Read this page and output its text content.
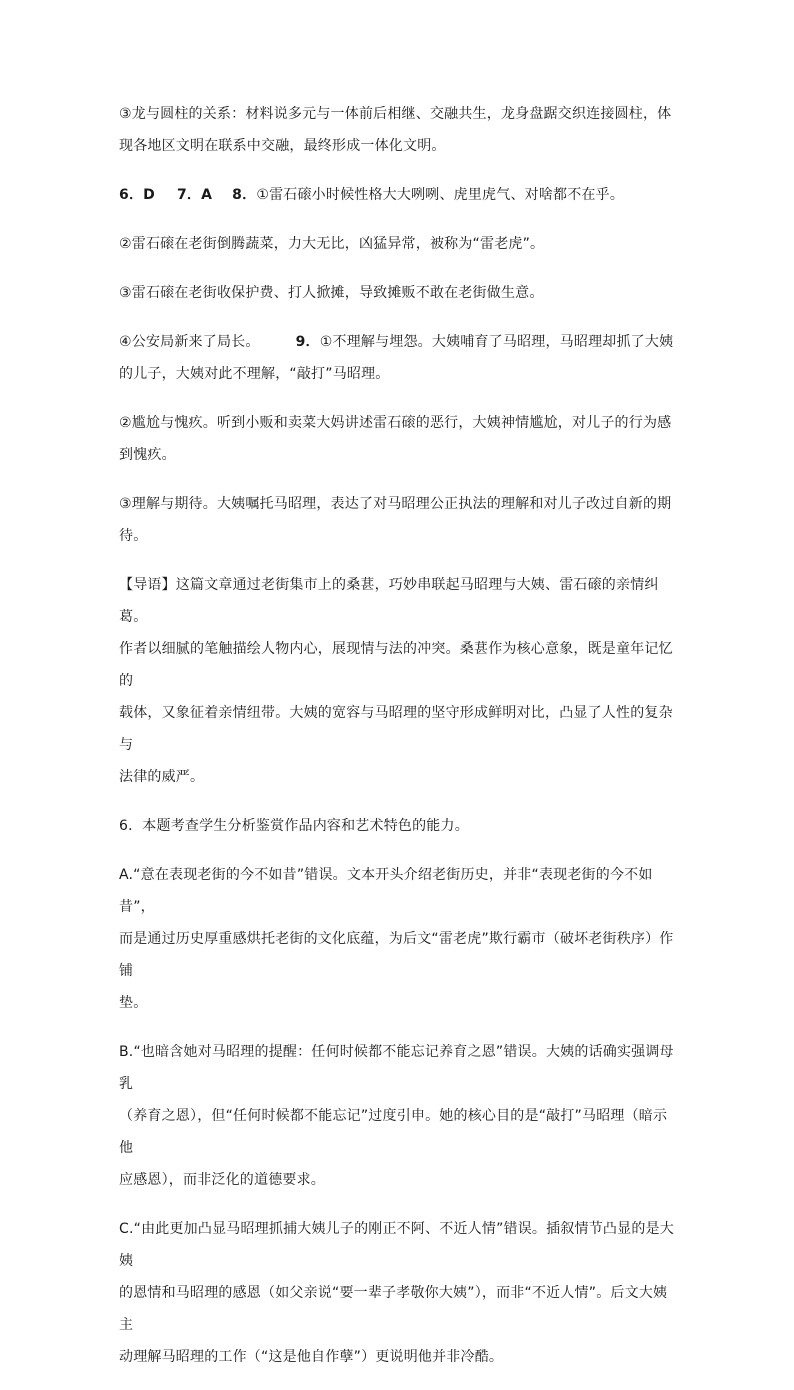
③龙与圆柱的关系：材料说多元与一体前后相继、交融共生，龙身盘踞交织连接圆柱，体
现各地区文明在联系中交融，最终形成一体化文明。

6．D 7．A 8．①雷石磙小时候性格大大咧咧、虎里虎气、对啥都不在乎。

②雷石磙在老街倒腾蔬菜，力大无比，凶猛异常，被称为“雷老虎”。

③雷石磙在老街收保护费、打人掀摊，导致摊贩不敢在老街做生意。

④公安局新来了局长。	9．①不理解与埋怨。大姨哺育了马昭理，马昭理却抓了大姨
的儿子，大姨对此不理解，“敲打”马昭理。

②尴尬与愧疚。听到小贩和卖菜大妈讲述雷石磙的恶行，大姨神情尴尬，对儿子的行为感
到愧疚。

③理解与期待。大姨嘱托马昭理，表达了对马昭理公正执法的理解和对儿子改过自新的期
待。

【导语】这篇文章通过老街集市上的桑葚，巧妙串联起马昭理与大姨、雷石磙的亲情纠葛。
作者以细腻的笔触描绘人物内心，展现情与法的冲突。桑葚作为核心意象，既是童年记忆的
载体，又象征着亲情纽带。大姨的宽容与马昭理的坚守形成鲜明对比，凸显了人性的复杂与
法律的威严。

6．本题考查学生分析鉴赏作品内容和艺术特色的能力。

A.“意在表现老街的今不如昔”错误。文本开头介绍老街历史，并非“表现老街的今不如昔”，
而是通过历史厚重感烘托老街的文化底蕴，为后文“雷老虎”欺行霸市（破坏老街秩序）作铺
垫。

B.“也暗含她对马昭理的提醒：任何时候都不能忘记养育之恩”错误。大姨的话确实强调母乳
（养育之恩），但“任何时候都不能忘记”过度引申。她的核心目的是“敲打”马昭理（暗示他
应感恩），而非泛化的道德要求。

C.“由此更加凸显马昭理抓捕大姨儿子的刚正不阿、不近人情”错误。插叙情节凸显的是大姨
的恩情和马昭理的感恩（如父亲说“要一辈子孝敬你大姨”），而非“不近人情”。后文大姨主
动理解马昭理的工作（“这是他自作孽”）更说明他并非冷酷。
